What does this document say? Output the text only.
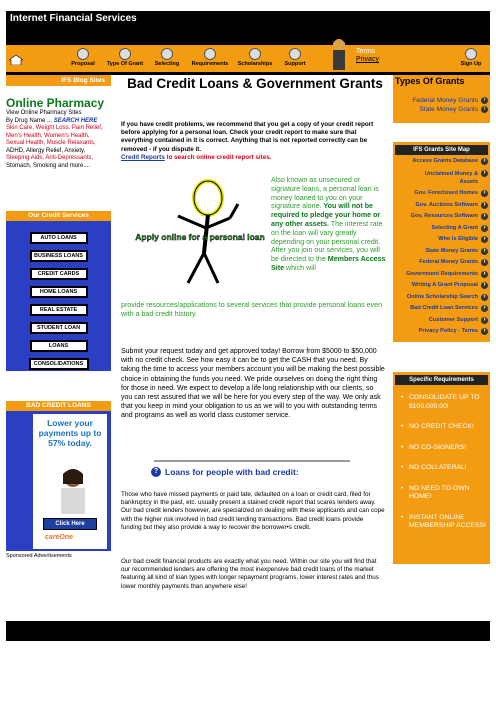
Internet Financial Services
Proposal	Type Of Grant	Selecting	Requirements	Scholarships	Support	Sign Up
Terms
Privacy
IFS Blog Sites
Online Pharmacy
View Online Pharmacy Sites
By Drug Name ... SEARCH HERE
Skin Care, Weight Loss, Pain Relief,
Men's Health, Women's Health,
Sexual Health, Muscle Relaxants,
ADHD, Allergy Relief, Anxiety,
Sleeping Aids, Anti-Depressants,
Stomach, Smoking and more....
Our Credit Services
AUTO LOANS
BUSINESS LOANS
CREDIT CARDS
HOME LOANS
REAL ESTATE
STUDENT LOAN
LOANS
CONSOLIDATIONS
BAD CREDIT LOANS
Lower your payments up to 57% today.
Click Here
careOne
Sponsored Advertisements
Bad Credit Loans & Government Grants
If you have credit problems, we recommend that you get a copy of your credit report before applying for a personal loan. Check your credit report to make sure that everything contained in it is correct. Anything that is not reported correctly can be removed - if you dispute it.
Credit Reports to search online credit report sites.
Apply online for a personal loan
Also known as unsecured or signature loans, a personal loan is money loaned to you on your signature alone. You will not be required to pledge your home or any other assets. The interest rate on the loan will vary greatly depending on your personal credit. After you join our services, you will be directed to the Members Access Site which will
provide resources/applications to several services that provide personal loans even with a bad credit history.
Submit your request today and get approved today! Borrow from $5000 to $50,000 with no credit check. See how easy it can be to get the CASH that you need. By taking the time to access your members account you will be making the best possible choice in obtaining the funds you need. We pride ourselves on doing the right thing for those in need. We expect to develop a life long relationship with our clients, so you can rest assured that we will be here for you every step of the way. We only ask that you keep in mind your obligation to us as we will to you with outstanding terms and programs as well as world class customer service.
? Loans for people with bad credit:
Those who have missed payments or paid late, defaulted on a loan or credit card, filed for bankruptcy in the past, etc. usually present a stained credit report that scares lenders away. Our bad credit lenders however, are specialized on dealing with these applicants and can cope with the higher risk involved in bad credit lending transactions. Bad credit loans provide funding but they also provide a way to recover the borrower•s credit.
Our bad credit financial products are exactly what you need. Within our site you will find that our recommended lenders are offering the most inexpensive bad credit loans of the market featuring all kind of loan types with longer repayment programs, lower interest rates and thus lower monthly payments than anywhere else!
Types Of Grants
Federal Money Grants ›
State Money Grants ›
IFS Grants Site Map
Access Grants Database ›
Unclaimed Money &
Assets ›
Gov. Foreclosed Homes ›
Gov. Auctions Software ›
Gov. Resources Software ›
Selecting A Grant ›
Who Is Eligible ›
State Money Grants ›
Federal Money Grants ›
Government Requirements ›
Writing A Grant Proposal ›
Online Scholarship Search ›
Bad Credit Loan Services ›
Customer Support ›
Privacy Policy - Terms ›
Specific Requirements
• CONSOLIDATE UP TO $100,000.00!
• NO CREDIT CHECK!
• NO CO-SIGNERS!
• NO COLLATERAL!
• NO NEED TO OWN HOME!
• INSTANT ONLINE MEMBERSHIP ACCESS!
